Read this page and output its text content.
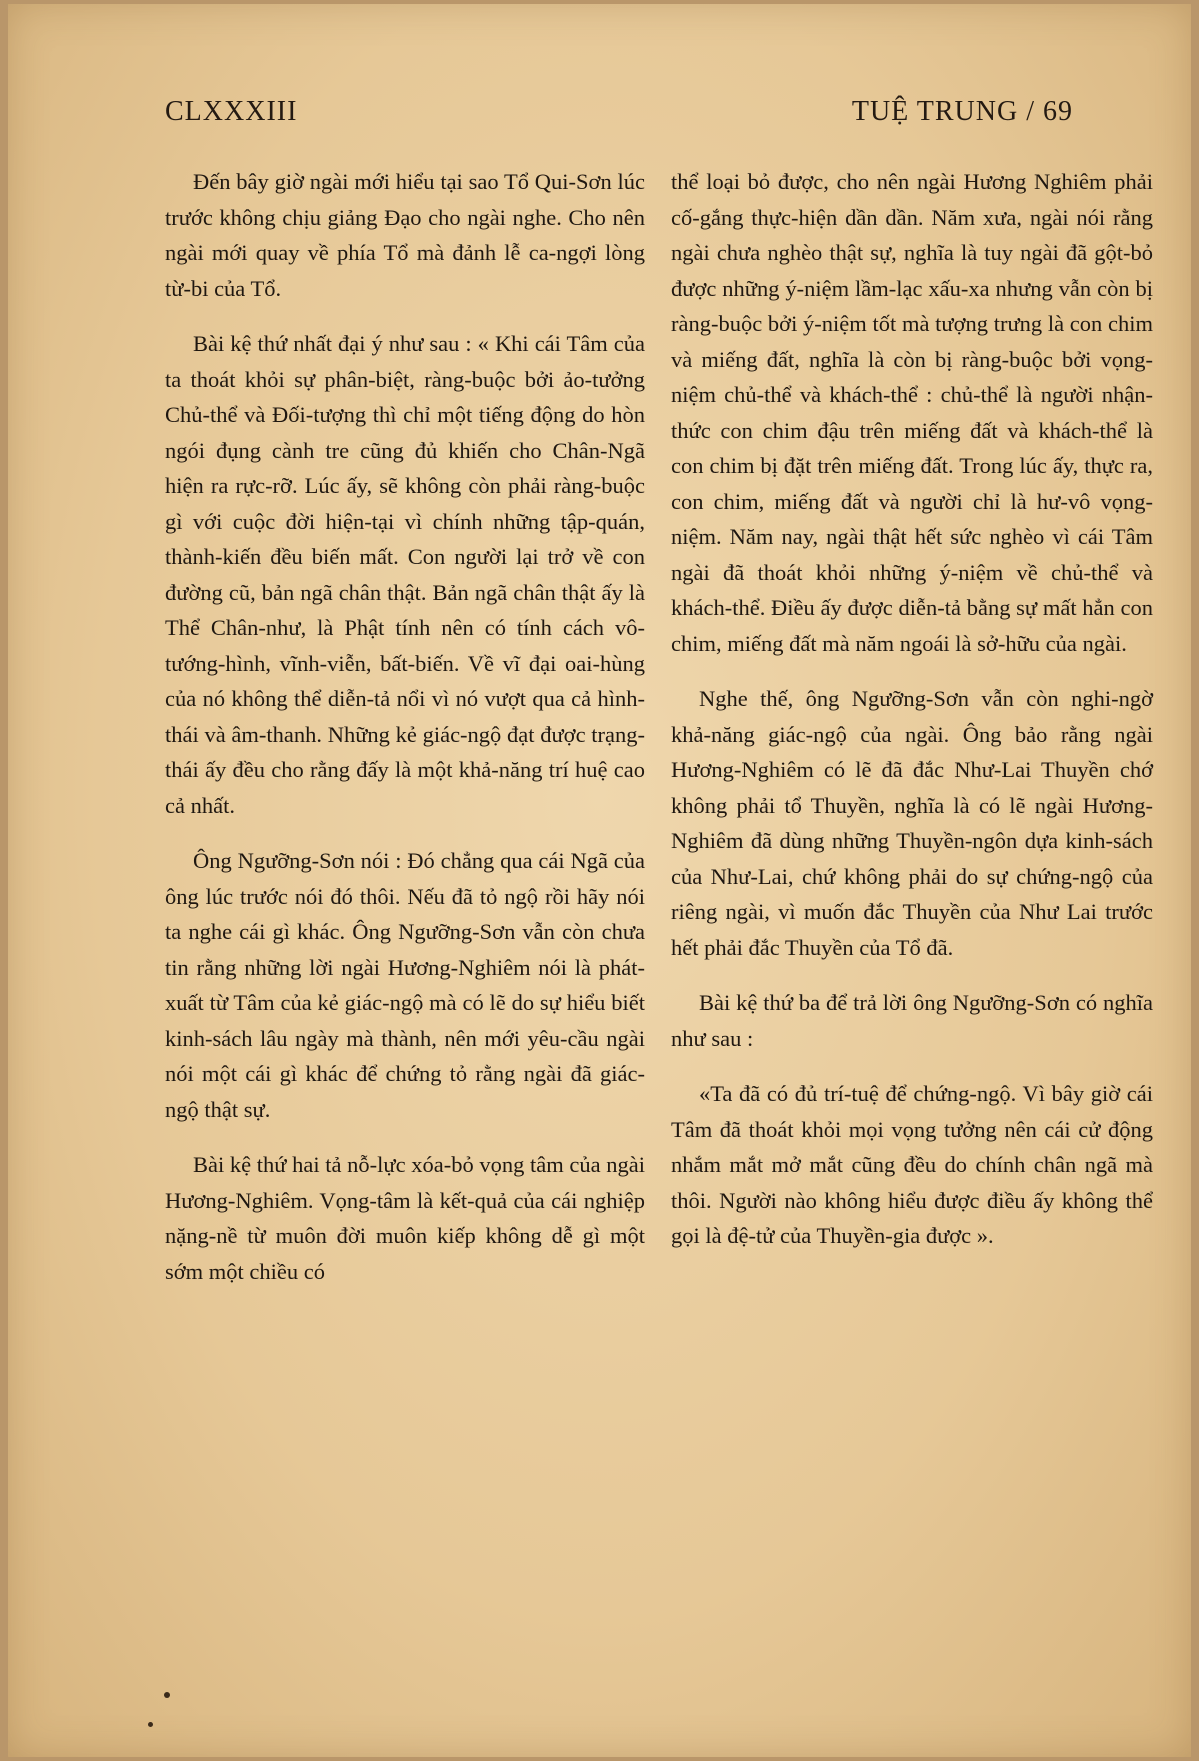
CLXXXIII	TUỆ TRUNG / 69

Đến bây giờ ngài mới hiểu tại sao Tổ Qui-Sơn lúc trước không chịu giảng Đạo cho ngài nghe. Cho nên ngài mới quay về phía Tổ mà đảnh lễ ca-ngợi lòng từ-bi của Tổ.

Bài kệ thứ nhất đại ý như sau : « Khi cái Tâm của ta thoát khỏi sự phân-biệt, ràng-buộc bởi ảo-tưởng Chủ-thể và Đối-tượng thì chỉ một tiếng động do hòn ngói đụng cành tre cũng đủ khiến cho Chân-Ngã hiện ra rực-rỡ. Lúc ấy, sẽ không còn phải ràng-buộc gì với cuộc đời hiện-tại vì chính những tập-quán, thành-kiến đều biến mất. Con người lại trở về con đường cũ, bản ngã chân thật. Bản ngã chân thật ấy là Thể Chân-như, là Phật tính nên có tính cách vô-tướng-hình, vĩnh-viễn, bất-biến. Về vĩ đại oai-hùng của nó không thể diễn-tả nổi vì nó vượt qua cả hình-thái và âm-thanh. Những kẻ giác-ngộ đạt được trạng-thái ấy đều cho rằng đấy là một khả-năng trí huệ cao cả nhất.

Ông Ngưỡng-Sơn nói : Đó chẳng qua cái Ngã của ông lúc trước nói đó thôi. Nếu đã tỏ ngộ rồi hãy nói ta nghe cái gì khác. Ông Ngưỡng-Sơn vẫn còn chưa tin rằng những lời ngài Hương-Nghiêm nói là phát-xuất từ Tâm của kẻ giác-ngộ mà có lẽ do sự hiểu biết kinh-sách lâu ngày mà thành, nên mới yêu-cầu ngài nói một cái gì khác để chứng tỏ rằng ngài đã giác-ngộ thật sự.

Bài kệ thứ hai tả nỗ-lực xóa-bỏ vọng tâm của ngài Hương-Nghiêm. Vọng-tâm là kết-quả của cái nghiệp nặng-nề từ muôn đời muôn kiếp không dễ gì một sớm một chiều có

thể loại bỏ được, cho nên ngài Hương Nghiêm phải cố-gắng thực-hiện dần dần. Năm xưa, ngài nói rằng ngài chưa nghèo thật sự, nghĩa là tuy ngài đã gột-bỏ được những ý-niệm lầm-lạc xấu-xa nhưng vẫn còn bị ràng-buộc bởi ý-niệm tốt mà tượng trưng là con chim và miếng đất, nghĩa là còn bị ràng-buộc bởi vọng-niệm chủ-thể và khách-thể : chủ-thể là người nhận-thức con chim đậu trên miếng đất và khách-thể là con chim bị đặt trên miếng đất. Trong lúc ấy, thực ra, con chim, miếng đất và người chỉ là hư-vô vọng-niệm. Năm nay, ngài thật hết sức nghèo vì cái Tâm ngài đã thoát khỏi những ý-niệm về chủ-thể và khách-thể. Điều ấy được diễn-tả bằng sự mất hẳn con chim, miếng đất mà năm ngoái là sở-hữu của ngài.

Nghe thế, ông Ngưỡng-Sơn vẫn còn nghi-ngờ khả-năng giác-ngộ của ngài. Ông bảo rằng ngài Hương-Nghiêm có lẽ đã đắc Như-Lai Thuyền chớ không phải tổ Thuyền, nghĩa là có lẽ ngài Hương-Nghiêm đã dùng những Thuyền-ngôn dựa kinh-sách của Như-Lai, chứ không phải do sự chứng-ngộ của riêng ngài, vì muốn đắc Thuyền của Như Lai trước hết phải đắc Thuyền của Tổ đã.

Bài kệ thứ ba để trả lời ông Ngưỡng-Sơn có nghĩa như sau :

«Ta đã có đủ trí-tuệ để chứng-ngộ. Vì bây giờ cái Tâm đã thoát khỏi mọi vọng tưởng nên cái cử động nhắm mắt mở mắt cũng đều do chính chân ngã mà thôi. Người nào không hiểu được điều ấy không thể gọi là đệ-tử của Thuyền-gia được ».
